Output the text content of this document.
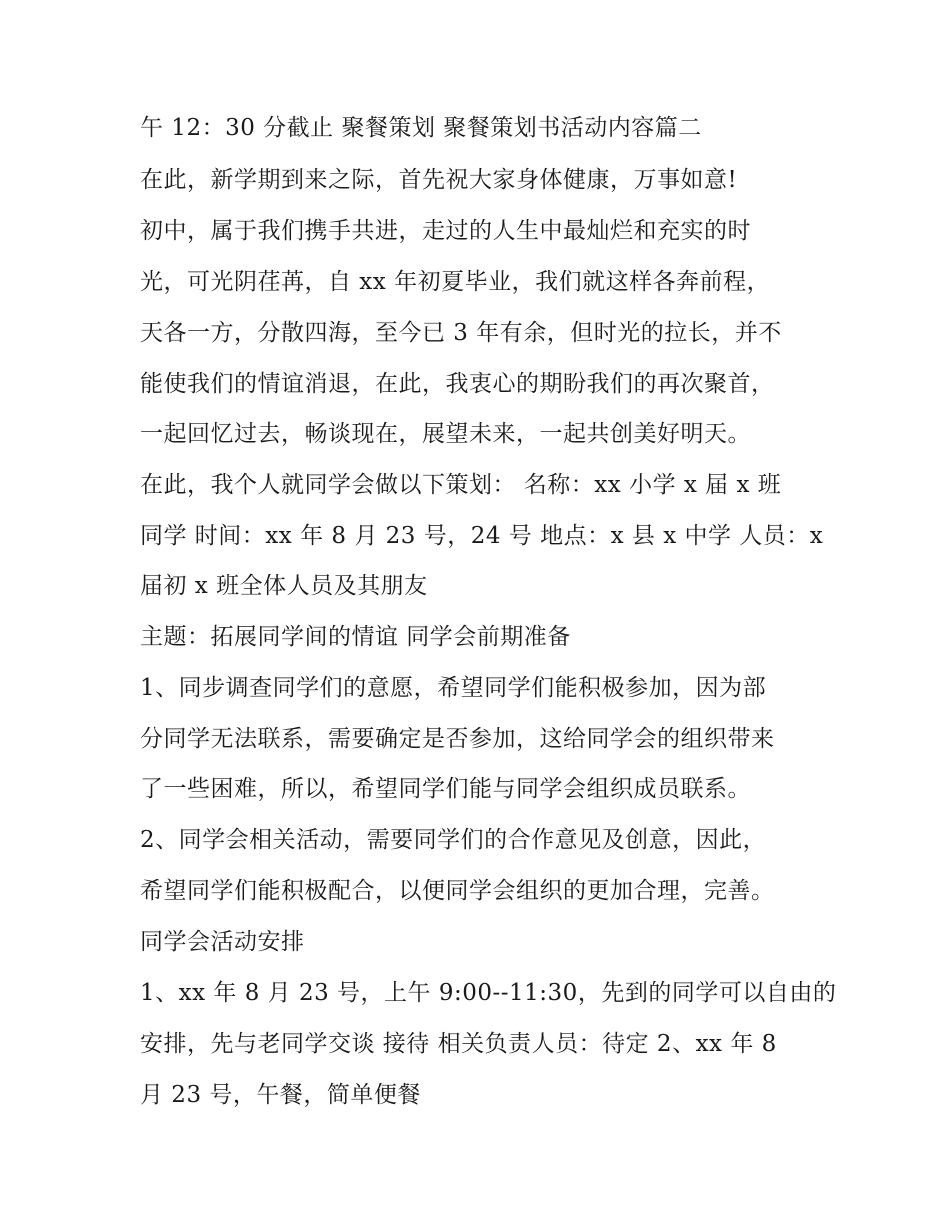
午 12：30 分截止 聚餐策划 聚餐策划书活动内容篇二
在此，新学期到来之际，首先祝大家身体健康，万事如意!
初中，属于我们携手共进，走过的人生中最灿烂和充实的时
光，可光阴荏苒，自 xx 年初夏毕业，我们就这样各奔前程，
天各一方，分散四海，至今已 3 年有余，但时光的拉长，并不
能使我们的情谊消退，在此，我衷心的期盼我们的再次聚首，
一起回忆过去，畅谈现在，展望未来，一起共创美好明天。
在此，我个人就同学会做以下策划： 名称：xx 小学 x 届 x 班
同学 时间：xx 年 8 月 23 号，24 号 地点：x 县 x 中学 人员：x
届初 x 班全体人员及其朋友
主题：拓展同学间的情谊 同学会前期准备
1、同步调查同学们的意愿，希望同学们能积极参加，因为部
分同学无法联系，需要确定是否参加，这给同学会的组织带来
了一些困难，所以，希望同学们能与同学会组织成员联系。
2、同学会相关活动，需要同学们的合作意见及创意，因此，
希望同学们能积极配合，以便同学会组织的更加合理，完善。
同学会活动安排
1、xx 年 8 月 23 号，上午 9:00--11:30，先到的同学可以自由的
安排，先与老同学交谈 接待 相关负责人员：待定 2、xx 年 8
月 23 号，午餐，简单便餐
